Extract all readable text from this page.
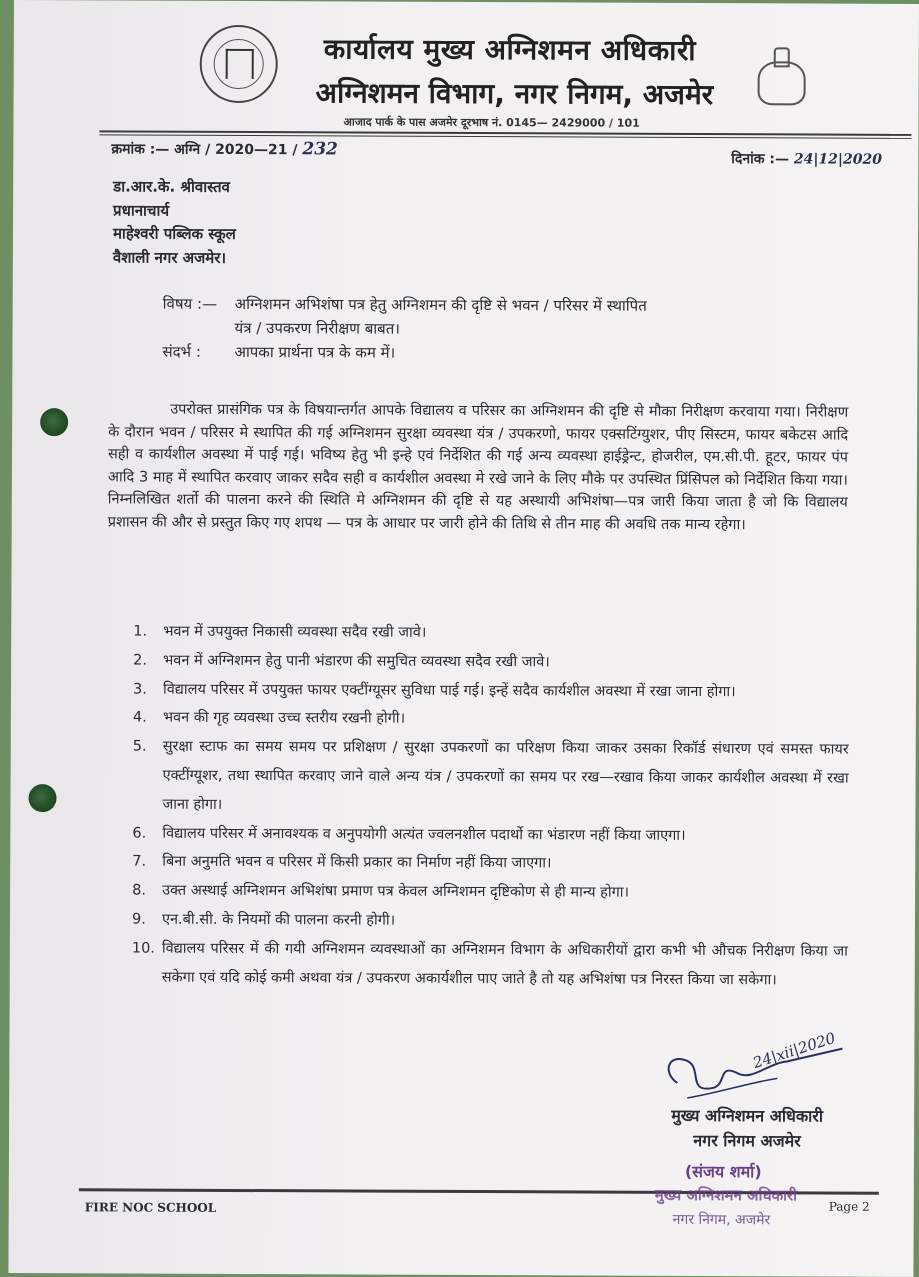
कार्यालय मुख्य अग्निशमन अधिकारी
अग्निशमन विभाग, नगर निगम, अजमेर
आजाद पार्क के पास अजमेर दूरभाष नं. 0145— 2429000 / 101
क्रमांक :— अग्नि / 2020—21 / 232	दिनांक :— 24|12|2020
डा.आर.के. श्रीवास्तव
प्रधानाचार्य
माहेश्वरी पब्लिक स्कूल
वैशाली नगर अजमेर।
विषय :—	अग्निशमन अभिशंषा पत्र हेतु अग्निशमन की दृष्टि से भवन / परिसर में स्थापित
यंत्र / उपकरण निरीक्षण बाबत।
संदर्भ :	आपका प्रार्थना पत्र के कम में।
उपरोक्त प्रासंगिक पत्र के विषयान्तर्गत आपके विद्यालय व परिसर का अग्निशमन की दृष्टि से मौका निरीक्षण करवाया गया। निरीक्षण के दौरान भवन / परिसर मे स्थापित की गई अग्निशमन सुरक्षा व्यवस्था यंत्र / उपकरणो, फायर एक्सटिंग्युशर, पीए सिस्टम, फायर बकेटस आदि सही व कार्यशील अवस्था में पाई गई। भविष्य हेतु भी इन्हे एवं निर्देशित की गई अन्य व्यवस्था हाईड्रेन्ट, होजरील, एम.सी.पी. हूटर, फायर पंप आदि 3 माह में स्थापित करवाए जाकर सदैव सही व कार्यशील अवस्था मे रखे जाने के लिए मौके पर उपस्थित प्रिंसिपल को निर्देशित किया गया। निम्नलिखित शर्तो की पालना करने की स्थिति मे अग्निशमन की दृष्टि से यह अस्थायी अभिशंषा—पत्र जारी किया जाता है जो कि विद्यालय प्रशासन की और से प्रस्तुत किए गए शपथ — पत्र के आधार पर जारी होने की तिथि से तीन माह की अवधि तक मान्य रहेगा।
1.	भवन में उपयुक्त निकासी व्यवस्था सदैव रखी जावे।
2.	भवन में अग्निशमन हेतु पानी भंडारण की समुचित व्यवस्था सदैव रखी जावे।
3.	विद्यालय परिसर में उपयुक्त फायर एक्टींग्यूसर सुविधा पाई गई। इन्हें सदैव कार्यशील अवस्था में रखा जाना होगा।
4.	भवन की गृह व्यवस्था उच्च स्तरीय रखनी होगी।
5.	सुरक्षा स्टाफ का समय समय पर प्रशिक्षण / सुरक्षा उपकरणों का परिक्षण किया जाकर उसका रिकॉर्ड संधारण एवं समस्त फायर एक्टींग्यूशर, तथा स्थापित करवाए जाने वाले अन्य यंत्र / उपकरणों का समय पर रख—रखाव किया जाकर कार्यशील अवस्था में रखा जाना होगा।
6.	विद्यालय परिसर में अनावश्यक व अनुपयोगी अत्यंत ज्वलनशील पदार्थो का भंडारण नहीं किया जाएगा।
7.	बिना अनुमति भवन व परिसर में किसी प्रकार का निर्माण नहीं किया जाएगा।
8.	उक्त अस्थाई अग्निशमन अभिशंषा प्रमाण पत्र केवल अग्निशमन दृष्टिकोण से ही मान्य होगा।
9.	एन.बी.सी. के नियमों की पालना करनी होगी।
10. विद्यालय परिसर में की गयी अग्निशमन व्यवस्थाओं का अग्निशमन विभाग के अधिकारीयों द्वारा कभी भी औचक निरीक्षण किया जा सकेगा एवं यदि कोई कमी अथवा यंत्र / उपकरण अकार्यशील पाए जाते है तो यह अभिशंषा पत्र निरस्त किया जा सकेगा।
24|xii|2020
मुख्य अग्निशमन अधिकारी
नगर निगम अजमेर
(संजय शर्मा)
मुख्य अग्निशमन अधिकारी
नगर निगम, अजमेर
FIRE NOC SCHOOL	Page 2
